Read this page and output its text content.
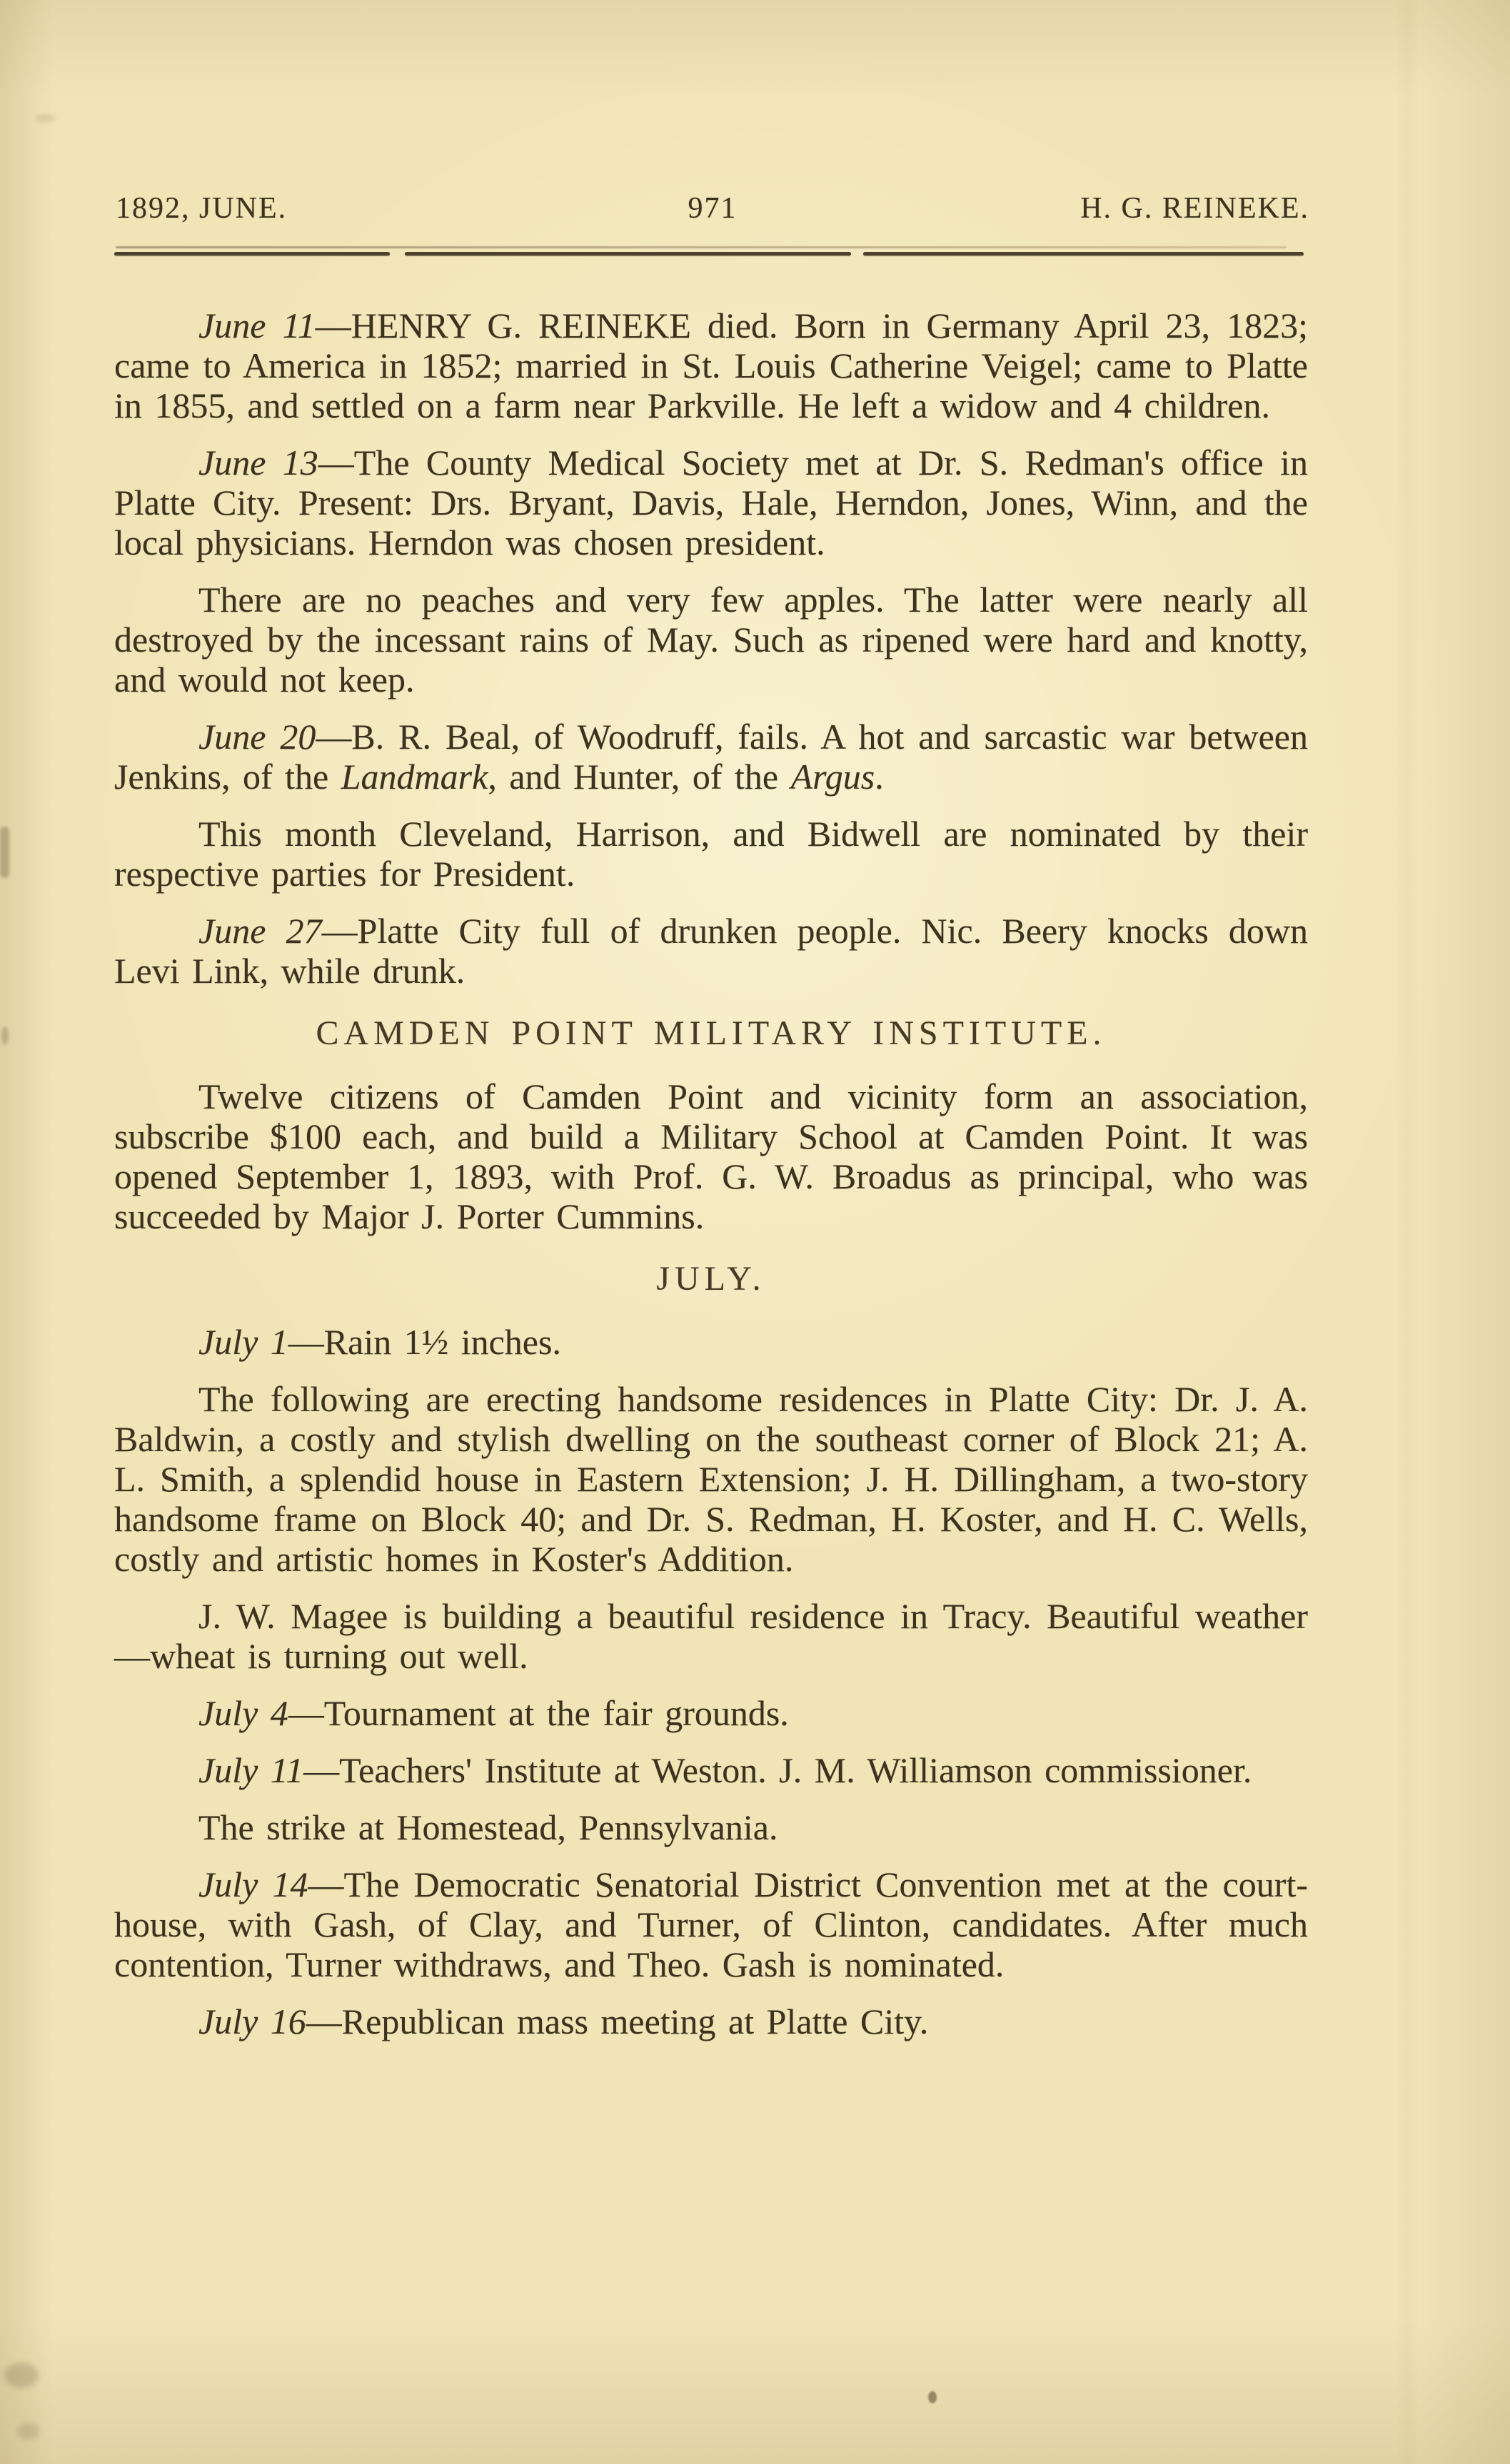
1892, JUNE.	971	H. G. REINEKE.

June 11—HENRY G. REINEKE died. Born in Germany April 23, 1823; came to America in 1852; married in St. Louis Catherine Veigel; came to Platte in 1855, and settled on a farm near Parkville. He left a widow and 4 children.

June 13—The County Medical Society met at Dr. S. Redman's office in Platte City. Present: Drs. Bryant, Davis, Hale, Herndon, Jones, Winn, and the local physicians. Herndon was chosen president.

There are no peaches and very few apples. The latter were nearly all destroyed by the incessant rains of May. Such as ripened were hard and knotty, and would not keep.

June 20—B. R. Beal, of Woodruff, fails. A hot and sarcastic war between Jenkins, of the Landmark, and Hunter, of the Argus.

This month Cleveland, Harrison, and Bidwell are nominated by their respective parties for President.

June 27—Platte City full of drunken people. Nic. Beery knocks down Levi Link, while drunk.

CAMDEN POINT MILITARY INSTITUTE.

Twelve citizens of Camden Point and vicinity form an association, subscribe $100 each, and build a Military School at Camden Point. It was opened September 1, 1893, with Prof. G. W. Broadus as principal, who was succeeded by Major J. Porter Cummins.

JULY.

July 1—Rain 1½ inches.

The following are erecting handsome residences in Platte City: Dr. J. A. Baldwin, a costly and stylish dwelling on the southeast corner of Block 21; A. L. Smith, a splendid house in Eastern Extension; J. H. Dillingham, a two-story handsome frame on Block 40; and Dr. S. Redman, H. Koster, and H. C. Wells, costly and artistic homes in Koster's Addition.

J. W. Magee is building a beautiful residence in Tracy. Beautiful weather—wheat is turning out well.

July 4—Tournament at the fair grounds.

July 11—Teachers' Institute at Weston. J. M. Williamson commissioner.

The strike at Homestead, Pennsylvania.

July 14—The Democratic Senatorial District Convention met at the court-house, with Gash, of Clay, and Turner, of Clinton, candidates. After much contention, Turner withdraws, and Theo. Gash is nominated.

July 16—Republican mass meeting at Platte City.
